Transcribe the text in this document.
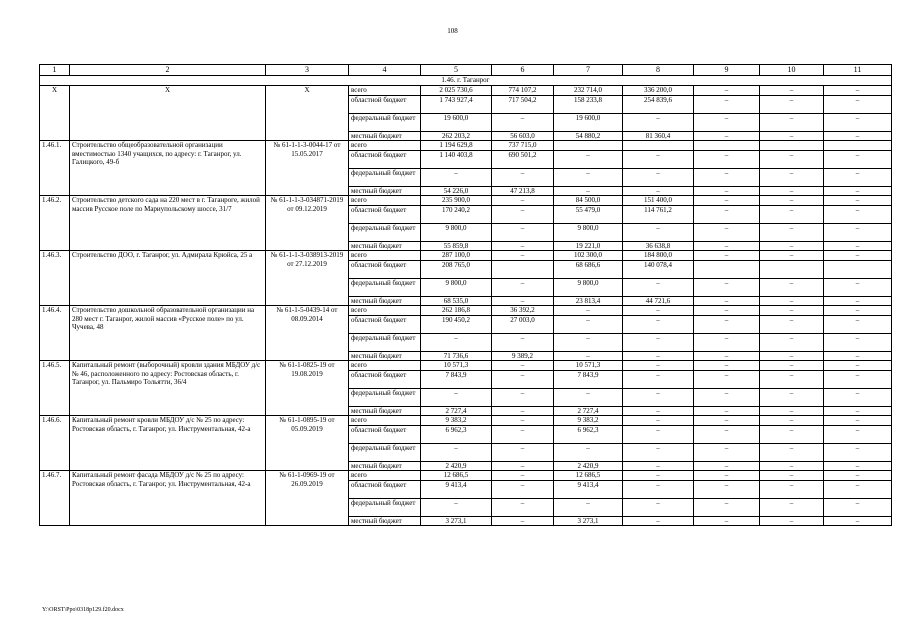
108
1	2	3	4	5	6	7	8	9	10	11
1.46. г. Таганрог										
Х	Х	Х	всего	2 025 730,6	774 107,2	232 714,0	336 200,0	–	–	–
			областной бюджет	1 743 927,4	717 504,2	158 233,8	254 839,6	–	–	–
			федеральный бюджет	19 600,0	–	19 600,0	–	–	–	–
			местный бюджет	262 203,2	56 603,0	54 880,2	81 360,4	–	–	–
1.46.1.	Строительство общеобразовательной организации вместимостью 1340 учащихся, по адресу: г. Таганрог, ул. Галицкого, 49-б	№ 61-1-1-3-0044-17 от 15.05.2017	всего	1 194 629,8	737 715,0					
			областной бюджет	1 140 403,8	690 501,2	–	–	–	–	–
			федеральный бюджет	–	–	–	–	–	–	–
			местный бюджет	54 226,0	47 213,8	–	–	–	–	–
1.46.2.	Строительство детского сада на 220 мест в г. Таганроге, жилой массив Русское поле по Мариупольскому шоссе, 31/7	№ 61-1-1-3-034871-2019 от 09.12.2019	всего	235 900,0	–	84 500,0	151 400,0	–	–	–
			областной бюджет	170 240,2	–	55 479,0	114 761,2	–	–	–
			федеральный бюджет	9 800,0	–	9 800,0	–	–	–	–
			местный бюджет	55 859,8	–	19 221,0	36 638,8	–	–	–
1.46.3.	Строительство ДОО, г. Таганрог, ул. Адмирала Крюйса, 25 а	№ 61-1-1-3-038913-2019 от 27.12.2019	всего	287 100,0	–	102 300,0	184 800,0	–	–	–
			областной бюджет	208 765,0		68 686,6	140 078,4			
			федеральный бюджет	9 800,0	–	9 800,0	–	–	–	–
			местный бюджет	68 535,0	–	23 813,4	44 721,6	–	–	–
1.46.4.	Строительство дошкольной образовательной организации на 280 мест г. Таганрог, жилой массив «Русское поле» по ул. Чучева, 48	№ 61-1-5-0439-14 от 08.09.2014	всего	262 186,8	36 392,2	–	–	–	–	–
			областной бюджет	190 450,2	27 003,0	–	–	–	–	–
			федеральный бюджет	–	–	–	–	–	–	–
			местный бюджет	71 736,6	9 389,2	–	–	–	–	–
1.46.5.	Капитальный ремонт (выборочный) кровли здания МБДОУ д/с № 46, расположенного по адресу: Ростовская область, г. Таганрог, ул. Пальмиро Тольятти, 36/4	№ 61-1-0825-19 от 19.08.2019	всего	10 571,3	–	10 571,3	–	–	–	–
			областной бюджет	7 843,9	–	7 843,9	–	–	–	–
			федеральный бюджет	–	–	–	–	–	–	–
			местный бюджет	2 727,4	–	2 727,4	–	–	–	–
1.46.6.	Капитальный ремонт кровли МБДОУ д/с № 25 по адресу: Ростовская область, г. Таганрог, ул. Инструментальная, 42-а	№ 61-1-0895-19 от 05.09.2019	всего	9 383,2	–	9 383,2	–	–	–	–
			областной бюджет	6 962,3	–	6 962,3	–	–	–	–
			федеральный бюджет	–	–	–	–	–	–	–
			местный бюджет	2 420,9	–	2 420,9	–	–	–	–
1.46.7.	Капитальный ремонт фасада МБДОУ д/с № 25 по адресу: Ростовская область, г. Таганрог, ул. Инструментальная, 42-а	№ 61-1-0969-19 от 26.09.2019	всего	12 686,5	–	12 686,5	–	–	–	–
			областной бюджет	9 413,4	–	9 413,4	–	–	–	–
			федеральный бюджет	–	–	–	–	–	–	–
			местный бюджет	3 273,1	–	3 273,1	–	–	–	–
Y:\ORST\Ppo\0318p129.f20.docx
